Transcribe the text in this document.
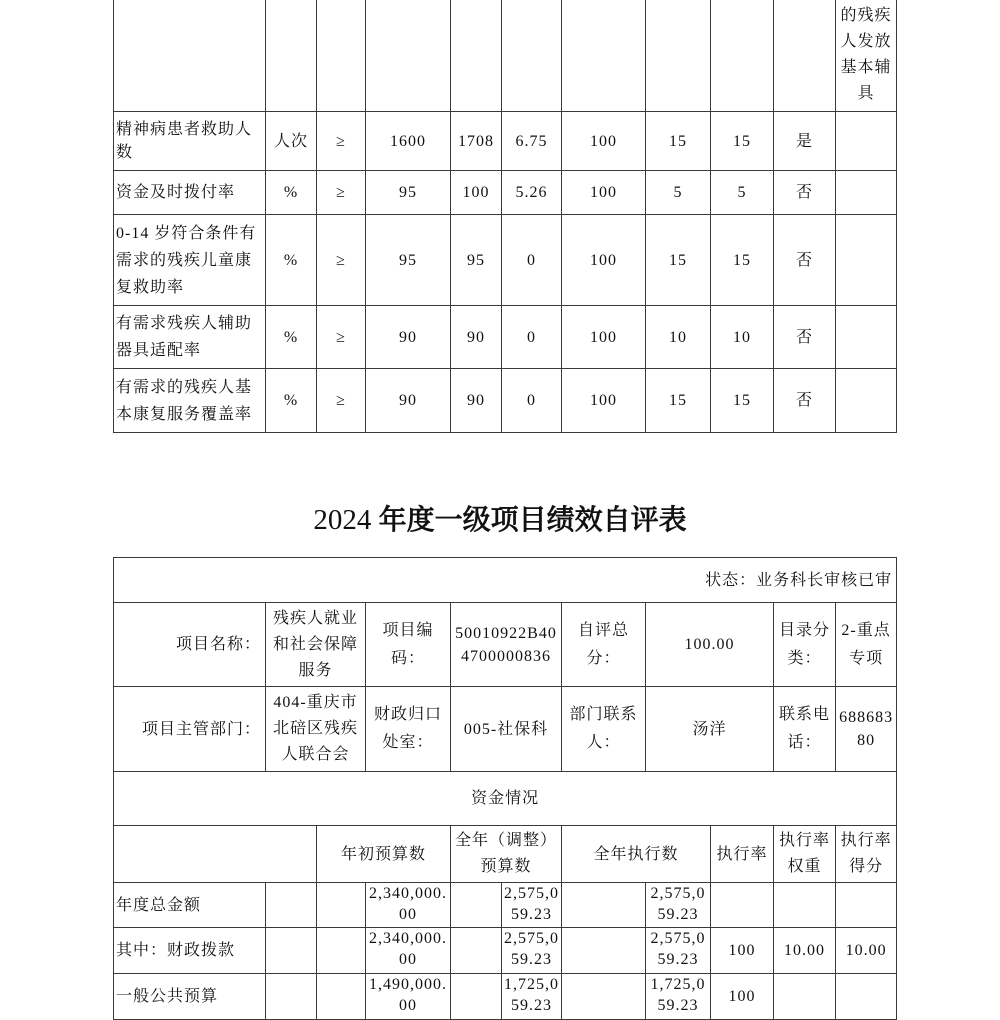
										的残疾人发放基本辅具
精神病患者救助人数	人次	≥	1600	1708	6.75	100	15	15	是	
资金及时拨付率	%	≥	95	100	5.26	100	5	5	否	
0-14 岁符合条件有需求的残疾儿童康复救助率	%	≥	95	95	0	100	15	15	否	
有需求残疾人辅助器具适配率	%	≥	90	90	0	100	10	10	否	
有需求的残疾人基本康复服务覆盖率	%	≥	90	90	0	100	15	15	否	
2024 年度一级项目绩效自评表
状态：业务科长审核已审										
项目名称：	残疾人就业和社会保障服务		项目编码：	50010922B404700000836		自评总分：	100.00		目录分类：	2-重点专项
项目主管部门：	404-重庆市北碚区残疾人联合会		财政归口处室：	005-社保科		部门联系人：	汤洋		联系电话：	68868380
资金情况										
		年初预算数		全年（调整）预算数		全年执行数		执行率	执行率权重	执行率得分
年度总金额			2,340,000.00		2,575,059.23		2,575,059.23			
其中：财政拨款			2,340,000.00		2,575,059.23		2,575,059.23	100	10.00	10.00
一般公共预算			1,490,000.00		1,725,059.23		1,725,059.23	100		
